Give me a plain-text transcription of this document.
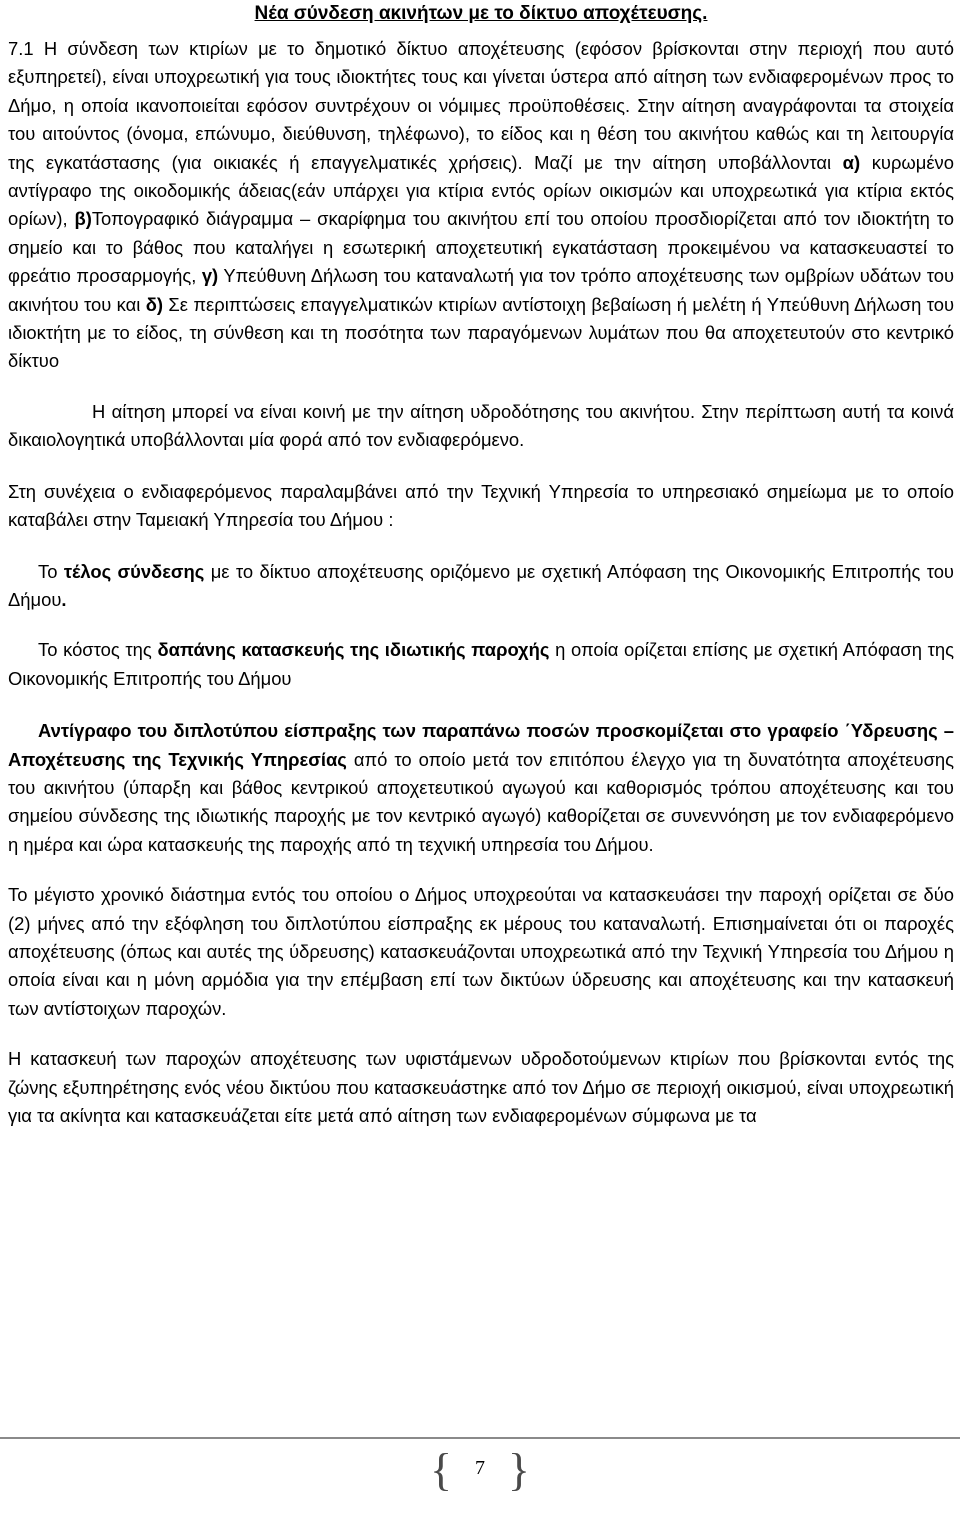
Νέα σύνδεση ακινήτων με το δίκτυο αποχέτευσης.

7.1 Η σύνδεση των κτιρίων με το δημοτικό δίκτυο αποχέτευσης (εφόσον βρίσκονται στην περιοχή που αυτό εξυπηρετεί), είναι υποχρεωτική για τους ιδιοκτήτες τους και γίνεται ύστερα από αίτηση των ενδιαφερομένων προς το Δήμο, η οποία ικανοποιείται εφόσον συντρέχουν οι νόμιμες προϋποθέσεις. Στην αίτηση αναγράφονται τα στοιχεία του αιτούντος (όνομα, επώνυμο, διεύθυνση, τηλέφωνο), το είδος και η θέση του ακινήτου καθώς και τη λειτουργία της εγκατάστασης (για οικιακές ή επαγγελματικές χρήσεις). Μαζί με την αίτηση υποβάλλονται α) κυρωμένο αντίγραφο της οικοδομικής άδειας(εάν υπάρχει για κτίρια εντός ορίων οικισμών και υποχρεωτικά για κτίρια εκτός ορίων), β)Τοπογραφικό διάγραμμα – σκαρίφημα του ακινήτου επί του οποίου προσδιορίζεται από τον ιδιοκτήτη το σημείο και το βάθος που καταλήγει η εσωτερική αποχετευτική εγκατάσταση προκειμένου να κατασκευαστεί το φρεάτιο προσαρμογής, γ) Υπεύθυνη Δήλωση του καταναλωτή για τον τρόπο αποχέτευσης των ομβρίων υδάτων του ακινήτου του και δ) Σε περιπτώσεις επαγγελματικών κτιρίων αντίστοιχη βεβαίωση ή μελέτη ή Υπεύθυνη Δήλωση του ιδιοκτήτη με το είδος, τη σύνθεση και τη ποσότητα των παραγόμενων λυμάτων που θα αποχετευτούν στο κεντρικό δίκτυο

Η αίτηση μπορεί να είναι κοινή με την αίτηση υδροδότησης του ακινήτου. Στην περίπτωση αυτή τα κοινά δικαιολογητικά υποβάλλονται μία φορά από τον ενδιαφερόμενο.

Στη συνέχεια ο ενδιαφερόμενος παραλαμβάνει από την Τεχνική Υπηρεσία το υπηρεσιακό σημείωμα με το οποίο καταβάλει στην Ταμειακή Υπηρεσία του Δήμου :

Το τέλος σύνδεσης με το δίκτυο αποχέτευσης οριζόμενο με σχετική Απόφαση της Οικονομικής Επιτροπής του Δήμου.

Το κόστος της δαπάνης κατασκευής της ιδιωτικής παροχής η οποία ορίζεται επίσης με σχετική Απόφαση της Οικονομικής Επιτροπής του Δήμου

Αντίγραφο του διπλοτύπου είσπραξης των παραπάνω ποσών προσκομίζεται στο γραφείο ΄Υδρευσης – Αποχέτευσης της Τεχνικής Υπηρεσίας από το οποίο μετά τον επιτόπου έλεγχο για τη δυνατότητα αποχέτευσης του ακινήτου (ύπαρξη και βάθος κεντρικού αποχετευτικού αγωγού και καθορισμός τρόπου αποχέτευσης και του σημείου σύνδεσης της ιδιωτικής παροχής με τον κεντρικό αγωγό) καθορίζεται σε συνεννόηση με τον ενδιαφερόμενο η ημέρα και ώρα κατασκευής της παροχής από τη τεχνική υπηρεσία του Δήμου.

Το μέγιστο χρονικό διάστημα εντός του οποίου ο Δήμος υποχρεούται να κατασκευάσει την παροχή ορίζεται σε δύο (2) μήνες από την εξόφληση του διπλοτύπου είσπραξης εκ μέρους του καταναλωτή. Επισημαίνεται ότι οι παροχές αποχέτευσης (όπως και αυτές της ύδρευσης) κατασκευάζονται υποχρεωτικά από την Τεχνική Υπηρεσία του Δήμου η οποία είναι και η μόνη αρμόδια για την επέμβαση επί των δικτύων ύδρευσης και αποχέτευσης και την κατασκευή των αντίστοιχων παροχών.

Η κατασκευή των παροχών αποχέτευσης των υφιστάμενων υδροδοτούμενων κτιρίων που βρίσκονται εντός της ζώνης εξυπηρέτησης ενός νέου δικτύου που κατασκευάστηκε από τον Δήμο σε περιοχή οικισμού, είναι υποχρεωτική για τα ακίνητα και κατασκευάζεται είτε μετά από αίτηση των ενδιαφερομένων σύμφωνα με τα

{	7 }
